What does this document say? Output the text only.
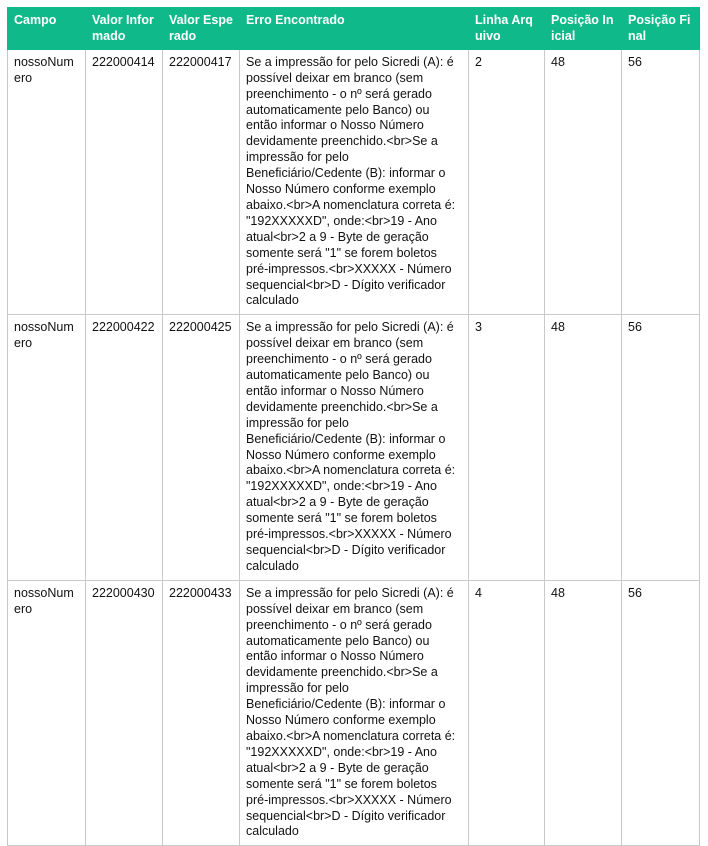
Campo	Valor Informado	Valor Esperado	Erro Encontrado	Linha Arquivo	Posição Inicial	Posição Final
nossoNumero	222000414	222000417	Se a impressão for pelo Sicredi (A): é possível deixar em branco (sem preenchimento - o nº será gerado automaticamente pelo Banco) ou então informar o Nosso Número devidamente preenchido.<br>Se a impressão for pelo Beneficiário/Cedente (B): informar o Nosso Número conforme exemplo abaixo.<br>A nomenclatura correta é: "192XXXXXD", onde:<br>19 - Ano atual<br>2 a 9 - Byte de geração somente será "1" se forem boletos pré-impressos.<br>XXXXX - Número sequencial<br>D - Dígito verificador calculado	2	48	56
nossoNumero	222000422	222000425	Se a impressão for pelo Sicredi (A): é possível deixar em branco (sem preenchimento - o nº será gerado automaticamente pelo Banco) ou então informar o Nosso Número devidamente preenchido.<br>Se a impressão for pelo Beneficiário/Cedente (B): informar o Nosso Número conforme exemplo abaixo.<br>A nomenclatura correta é: "192XXXXXD", onde:<br>19 - Ano atual<br>2 a 9 - Byte de geração somente será "1" se forem boletos pré-impressos.<br>XXXXX - Número sequencial<br>D - Dígito verificador calculado	3	48	56
nossoNumero	222000430	222000433	Se a impressão for pelo Sicredi (A): é possível deixar em branco (sem preenchimento - o nº será gerado automaticamente pelo Banco) ou então informar o Nosso Número devidamente preenchido.<br>Se a impressão for pelo Beneficiário/Cedente (B): informar o Nosso Número conforme exemplo abaixo.<br>A nomenclatura correta é: "192XXXXXD", onde:<br>19 - Ano atual<br>2 a 9 - Byte de geração somente será "1" se forem boletos pré-impressos.<br>XXXXX - Número sequencial<br>D - Dígito verificador calculado	4	48	56
